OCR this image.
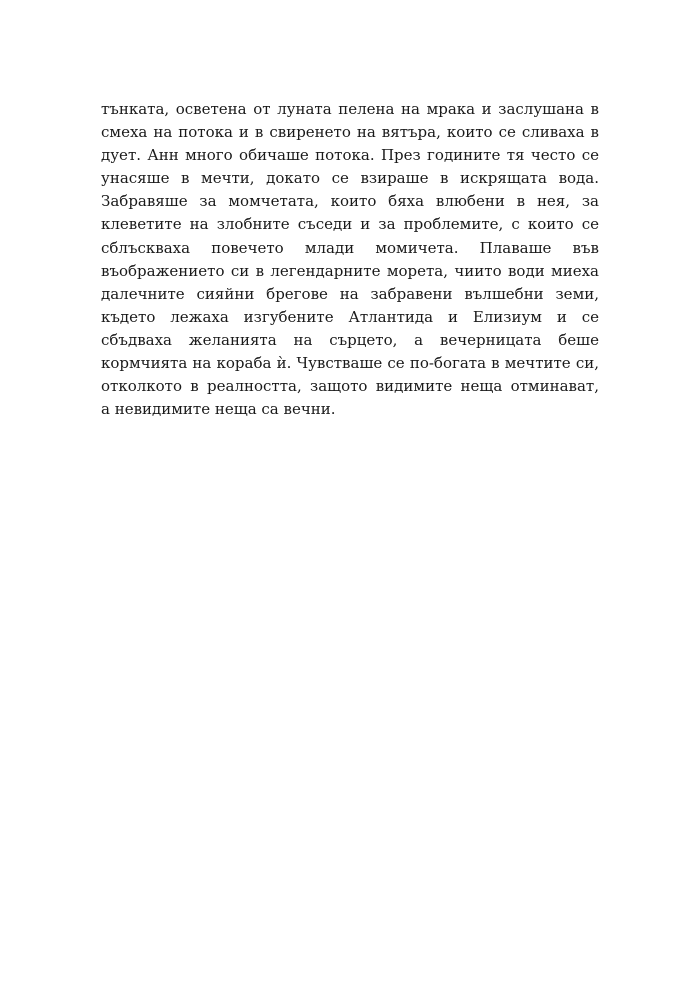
тънката, осветена от луната пелена на мрака и заслушана в
смеха на потока и в свиренето на вятъра, които се сливаха в
дует. Анн много обичаше потока. През годините тя често се
унасяше в мечти, докато се взираше в искрящата вода.
Забравяше за момчетата, които бяха влюбени в нея, за
клеветите на злобните съседи и за проблемите, с които се
сблъскваха повечето млади момичета. Плаваше във
въображението си в легендарните морета, чиито води миеха
далечните сияйни брегове на забравени вълшебни земи,
където лежаха изгубените Атлантида и Елизиум и се
сбъдваха желанията на сърцето, а вечерницата беше
кормчията на кораба ѝ. Чувстваше се по-богата в мечтите си,
отколкото в реалността, защото видимите неща отминават,
а невидимите неща са вечни.
